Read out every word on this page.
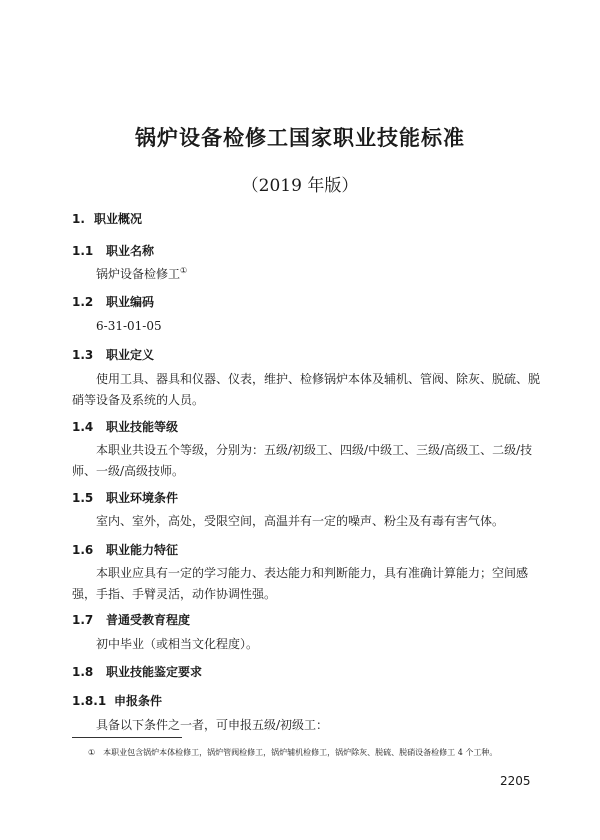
锅炉设备检修工国家职业技能标准
（2019 年版）
1. 职业概况
1.1 职业名称
锅炉设备检修工①
1.2 职业编码
6-31-01-05
1.3 职业定义
使用工具、器具和仪器、仪表，维护、检修锅炉本体及辅机、管阀、除灰、脱硫、脱硝等设备及系统的人员。
1.4 职业技能等级
本职业共设五个等级，分别为：五级/初级工、四级/中级工、三级/高级工、二级/技师、一级/高级技师。
1.5 职业环境条件
室内、室外，高处，受限空间，高温并有一定的噪声、粉尘及有毒有害气体。
1.6 职业能力特征
本职业应具有一定的学习能力、表达能力和判断能力，具有准确计算能力；空间感强，手指、手臂灵活，动作协调性强。
1.7 普通受教育程度
初中毕业（或相当文化程度）。
1.8 职业技能鉴定要求
1.8.1 申报条件
具备以下条件之一者，可申报五级/初级工：
① 本职业包含锅炉本体检修工，锅炉管阀检修工，锅炉辅机检修工，锅炉除灰、脱硫、脱硝设备检修工 4 个工种。
2205
